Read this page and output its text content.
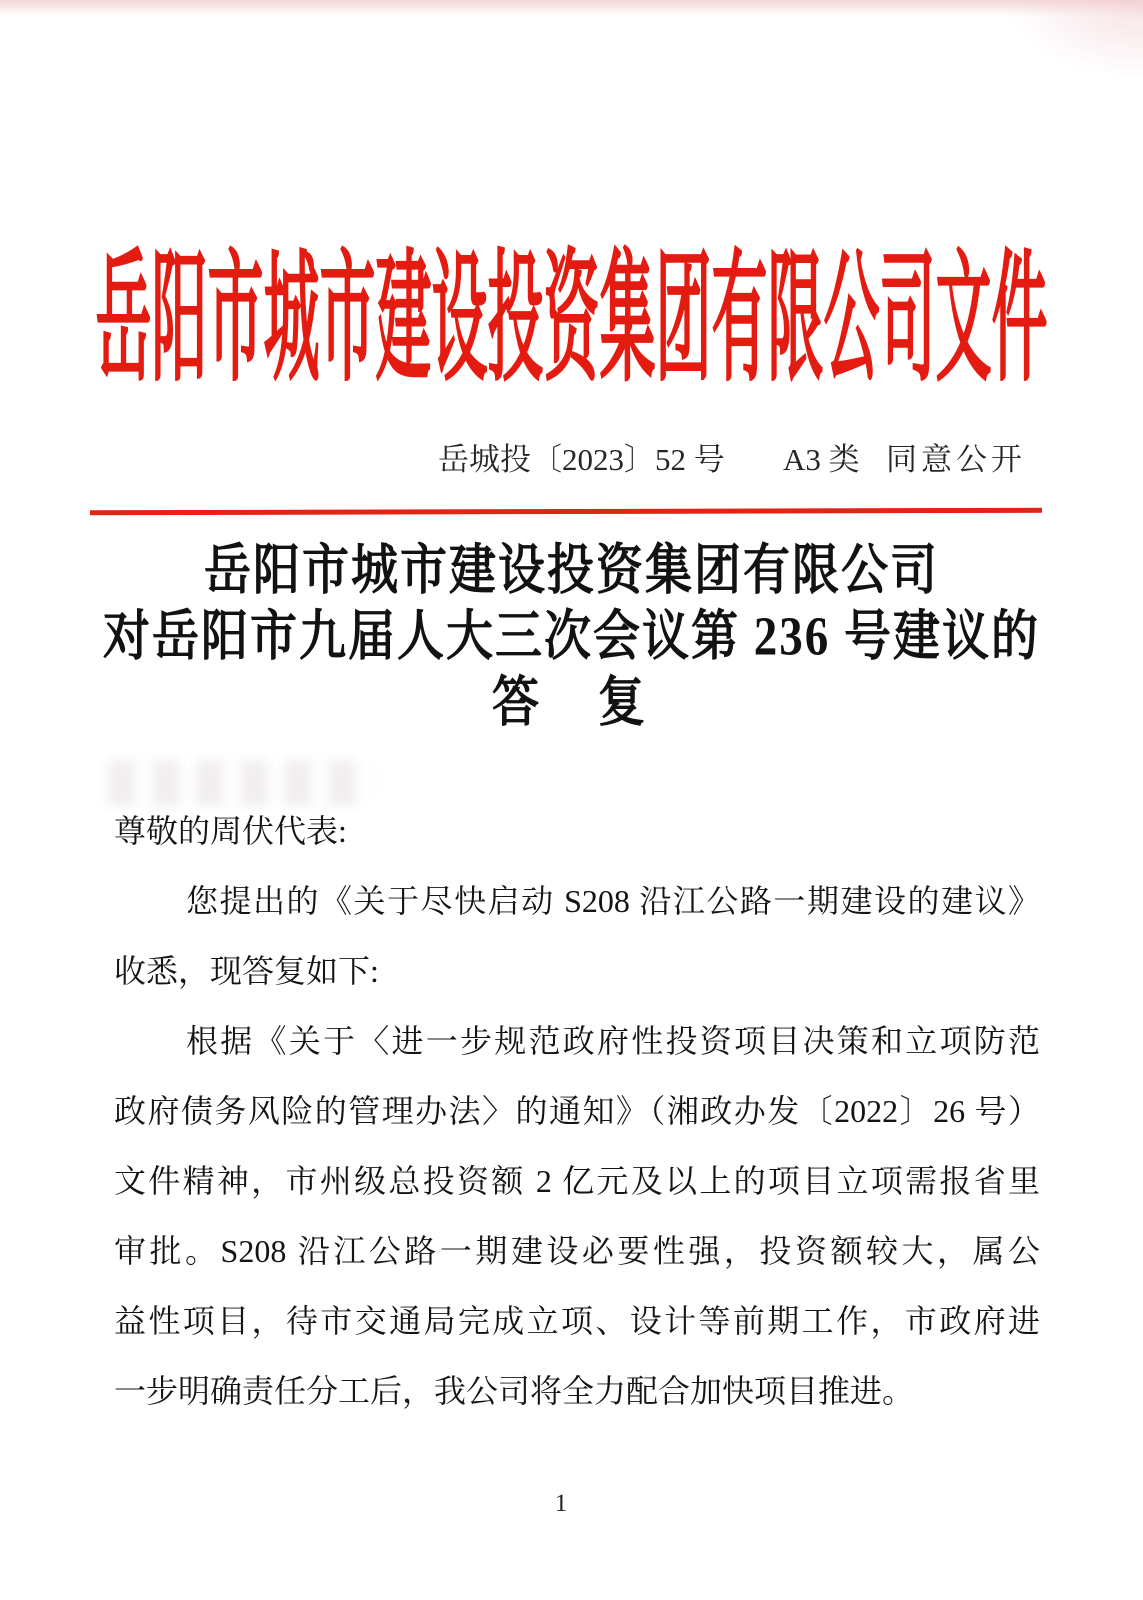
岳阳市城市建设投资集团有限公司文件
岳城投〔2023〕52 号 A3 类 同意公开
岳阳市城市建设投资集团有限公司
对岳阳市九届人大三次会议第 236 号建议的
答　复
尊敬的周伏代表:
您提出的《关于尽快启动 S208 沿江公路一期建设的建议》
收悉，现答复如下:
根据《关于〈进一步规范政府性投资项目决策和立项防范
政府债务风险的管理办法〉的通知》（湘政办发〔2022〕26 号）
文件精神，市州级总投资额 2 亿元及以上的项目立项需报省里
审批。S208 沿江公路一期建设必要性强，投资额较大，属公
益性项目，待市交通局完成立项、设计等前期工作，市政府进
一步明确责任分工后，我公司将全力配合加快项目推进。
1
